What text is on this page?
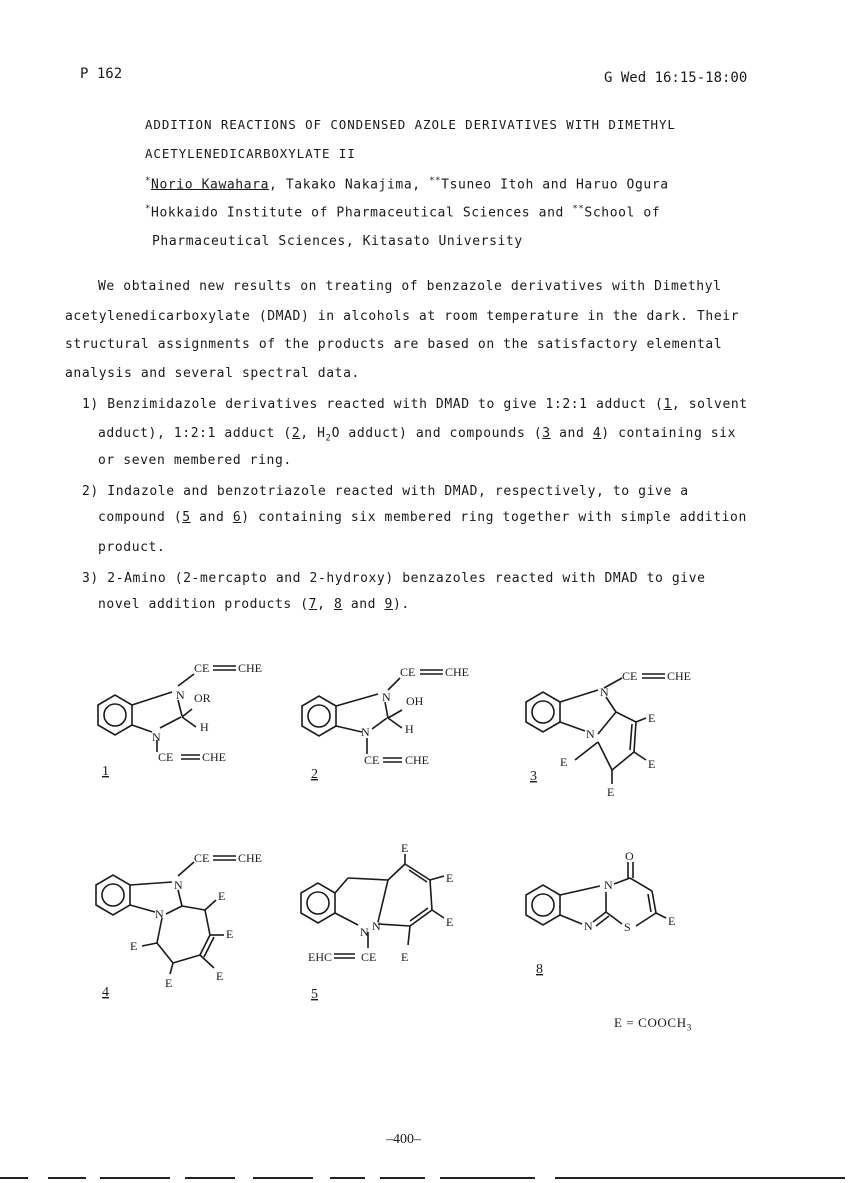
P 162	G Wed 16:15-18:00
ADDITION REACTIONS OF CONDENSED AZOLE DERIVATIVES WITH DIMETHYL
ACETYLENEDICARBOXYLATE II
*Norio Kawahara, Takako Nakajima, **Tsuneo Itoh and Haruo Ogura
*Hokkaido Institute of Pharmaceutical Sciences and **School of
Pharmaceutical Sciences, Kitasato University
We obtained new results on treating of benzazole derivatives with Dimethyl
acetylenedicarboxylate (DMAD) in alcohols at room temperature in the dark. Their
structural assignments of the products are based on the satisfactory elemental
analysis and several spectral data.
1) Benzimidazole derivatives reacted with DMAD to give 1:2:1 adduct (1, solvent
adduct), 1:2:1 adduct (2, $H_2O$ adduct) and compounds (3 and 4) containing six
or seven membered ring.
2) Indazole and benzotriazole reacted with DMAD, respectively, to give a
compound (5 and 6) containing six membered ring together with simple addition
product.
3) 2-Amino (2-mercapto and 2-hydroxy) benzazoles reacted with DMAD to give
novel addition products (7, 8 and 9).
N
N
CE CHE
OR
H
CE CHE
1
N
N
CE CHE
OH
H
CE CHE
2
N
N
CE CHE
E
E
E
E
3
N
N
CE CHE
E
E
E
E
E
4
N
N
E
E
E
E
EHC CE
5
N
N
O
S	E
8
$E = COOCH_3$
–400–
